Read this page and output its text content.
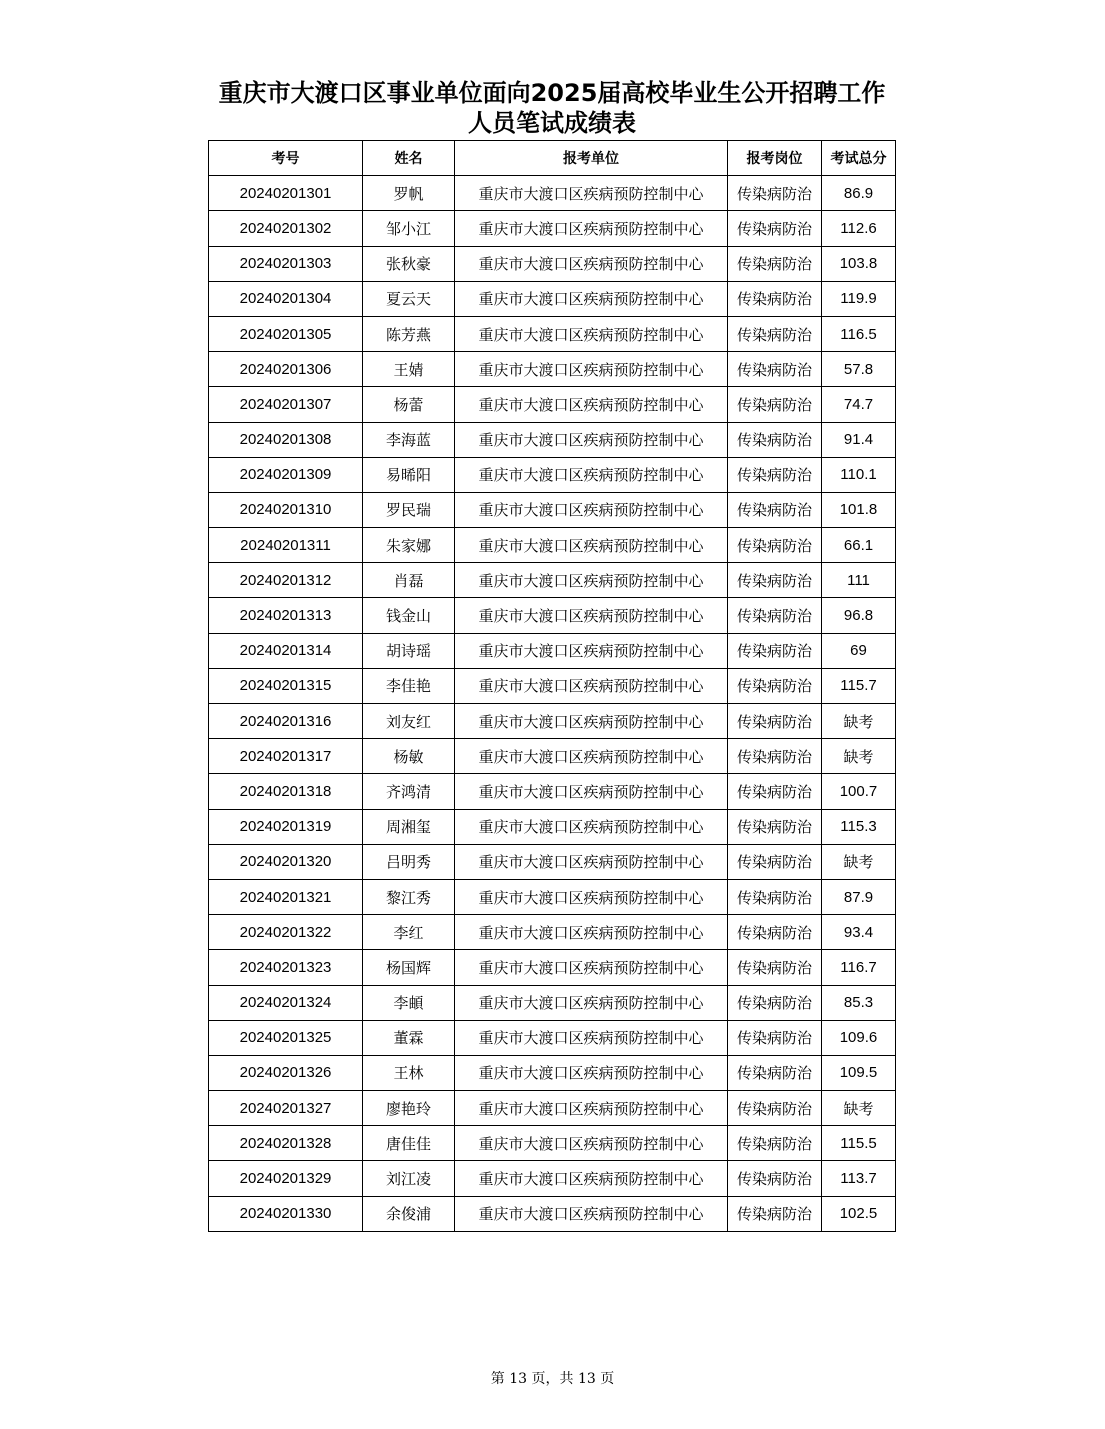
重庆市大渡口区事业单位面向2025届高校毕业生公开招聘工作
人员笔试成绩表
考号	姓名	报考单位	报考岗位	考试总分
20240201301	罗帆	重庆市大渡口区疾病预防控制中心	传染病防治	86.9
20240201302	邹小江	重庆市大渡口区疾病预防控制中心	传染病防治	112.6
20240201303	张秋豪	重庆市大渡口区疾病预防控制中心	传染病防治	103.8
20240201304	夏云天	重庆市大渡口区疾病预防控制中心	传染病防治	119.9
20240201305	陈芳燕	重庆市大渡口区疾病预防控制中心	传染病防治	116.5
20240201306	王婧	重庆市大渡口区疾病预防控制中心	传染病防治	57.8
20240201307	杨蕾	重庆市大渡口区疾病预防控制中心	传染病防治	74.7
20240201308	李海蓝	重庆市大渡口区疾病预防控制中心	传染病防治	91.4
20240201309	易晞阳	重庆市大渡口区疾病预防控制中心	传染病防治	110.1
20240201310	罗民瑞	重庆市大渡口区疾病预防控制中心	传染病防治	101.8
20240201311	朱家娜	重庆市大渡口区疾病预防控制中心	传染病防治	66.1
20240201312	肖磊	重庆市大渡口区疾病预防控制中心	传染病防治	111
20240201313	钱金山	重庆市大渡口区疾病预防控制中心	传染病防治	96.8
20240201314	胡诗瑶	重庆市大渡口区疾病预防控制中心	传染病防治	69
20240201315	李佳艳	重庆市大渡口区疾病预防控制中心	传染病防治	115.7
20240201316	刘友红	重庆市大渡口区疾病预防控制中心	传染病防治	缺考
20240201317	杨敏	重庆市大渡口区疾病预防控制中心	传染病防治	缺考
20240201318	齐鸿清	重庆市大渡口区疾病预防控制中心	传染病防治	100.7
20240201319	周湘玺	重庆市大渡口区疾病预防控制中心	传染病防治	115.3
20240201320	吕明秀	重庆市大渡口区疾病预防控制中心	传染病防治	缺考
20240201321	黎江秀	重庆市大渡口区疾病预防控制中心	传染病防治	87.9
20240201322	李红	重庆市大渡口区疾病预防控制中心	传染病防治	93.4
20240201323	杨国辉	重庆市大渡口区疾病预防控制中心	传染病防治	116.7
20240201324	李頔	重庆市大渡口区疾病预防控制中心	传染病防治	85.3
20240201325	董霖	重庆市大渡口区疾病预防控制中心	传染病防治	109.6
20240201326	王林	重庆市大渡口区疾病预防控制中心	传染病防治	109.5
20240201327	廖艳玲	重庆市大渡口区疾病预防控制中心	传染病防治	缺考
20240201328	唐佳佳	重庆市大渡口区疾病预防控制中心	传染病防治	115.5
20240201329	刘江凌	重庆市大渡口区疾病预防控制中心	传染病防治	113.7
20240201330	余俊浦	重庆市大渡口区疾病预防控制中心	传染病防治	102.5
第 13 页，共 13 页
